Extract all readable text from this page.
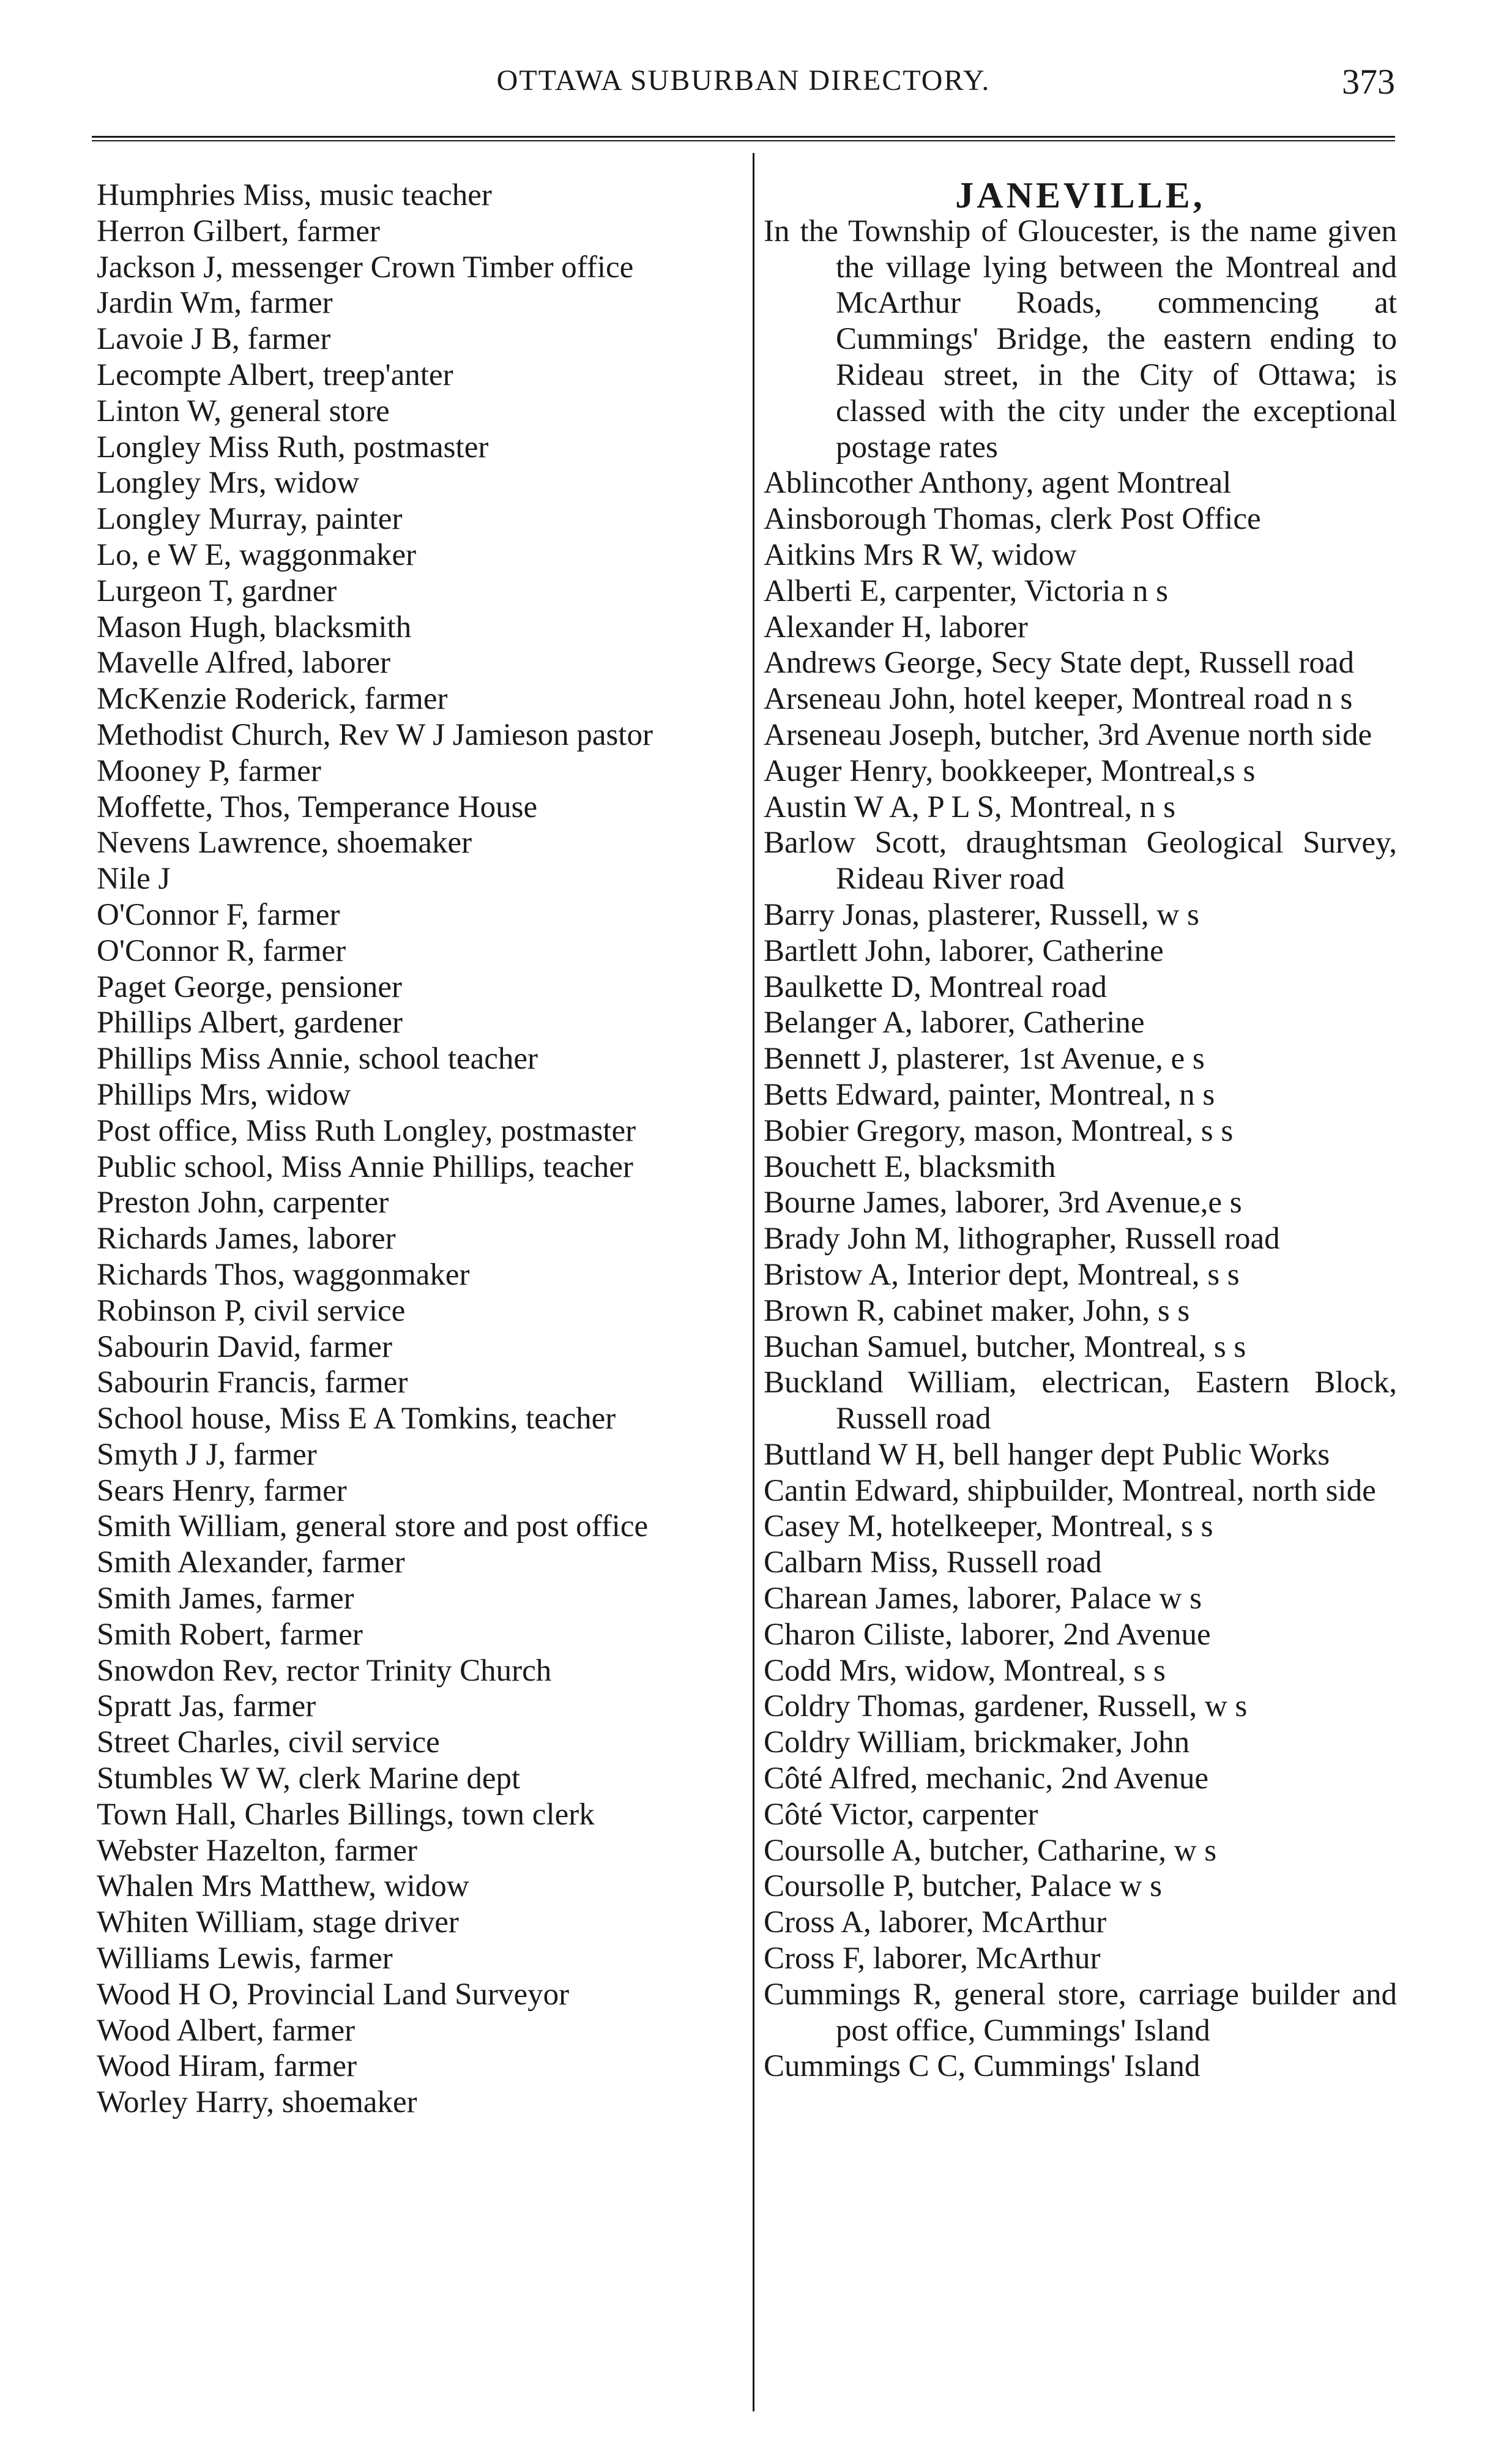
OTTAWA SUBURBAN DIRECTORY.	373
Humphries Miss, music teacher
Herron Gilbert, farmer
Jackson J, messenger Crown Timber office
Jardin Wm, farmer
Lavoie J B, farmer
Lecompte Albert, treep'anter
Linton W, general store
Longley Miss Ruth, postmaster
Longley Mrs, widow
Longley Murray, painter
Lo, e W E, waggonmaker
Lurgeon T, gardner
Mason Hugh, blacksmith
Mavelle Alfred, laborer
McKenzie Roderick, farmer
Methodist Church, Rev W J Jamieson pastor
Mooney P, farmer
Moffette, Thos, Temperance House
Nevens Lawrence, shoemaker
Nile J
O'Connor F, farmer
O'Connor R, farmer
Paget George, pensioner
Phillips Albert, gardener
Phillips Miss Annie, school teacher
Phillips Mrs, widow
Post office, Miss Ruth Longley, postmaster
Public school, Miss Annie Phillips, teacher
Preston John, carpenter
Richards James, laborer
Richards Thos, waggonmaker
Robinson P, civil service
Sabourin David, farmer
Sabourin Francis, farmer
School house, Miss E A Tomkins, teacher
Smyth J J, farmer
Sears Henry, farmer
Smith William, general store and post office
Smith Alexander, farmer
Smith James, farmer
Smith Robert, farmer
Snowdon Rev, rector Trinity Church
Spratt Jas, farmer
Street Charles, civil service
Stumbles W W, clerk Marine dept
Town Hall, Charles Billings, town clerk
Webster Hazelton, farmer
Whalen Mrs Matthew, widow
Whiten William, stage driver
Williams Lewis, farmer
Wood H O, Provincial Land Surveyor
Wood Albert, farmer
Wood Hiram, farmer
Worley Harry, shoemaker
JANEVILLE,
In the Township of Gloucester, is the name given the village lying between the Montreal and McArthur Roads, commencing at Cummings' Bridge, the eastern ending to Rideau street, in the City of Ottawa; is classed with the city under the exceptional postage rates
Ablincother Anthony, agent Montreal
Ainsborough Thomas, clerk Post Office
Aitkins Mrs R W, widow
Alberti E, carpenter, Victoria n s
Alexander H, laborer
Andrews George, Secy State dept, Russell road
Arseneau John, hotel keeper, Montreal road n s
Arseneau Joseph, butcher, 3rd Avenue north side
Auger Henry, bookkeeper, Montreal,s s
Austin W A, P L S, Montreal, n s
Barlow Scott, draughtsman Geological Survey, Rideau River road
Barry Jonas, plasterer, Russell, w s
Bartlett John, laborer, Catherine
Baulkette D, Montreal road
Belanger A, laborer, Catherine
Bennett J, plasterer, 1st Avenue, e s
Betts Edward, painter, Montreal, n s
Bobier Gregory, mason, Montreal, s s
Bouchett E, blacksmith
Bourne James, laborer, 3rd Avenue,e s
Brady John M, lithographer, Russell road
Bristow A, Interior dept, Montreal, s s
Brown R, cabinet maker, John, s s
Buchan Samuel, butcher, Montreal, s s
Buckland William, electrican, Eastern Block, Russell road
Buttland W H, bell hanger dept Public Works
Cantin Edward, shipbuilder, Montreal, north side
Casey M, hotelkeeper, Montreal, s s
Calbarn Miss, Russell road
Charean James, laborer, Palace w s
Charon Ciliste, laborer, 2nd Avenue
Codd Mrs, widow, Montreal, s s
Coldry Thomas, gardener, Russell, w s
Coldry William, brickmaker, John
Côté Alfred, mechanic, 2nd Avenue
Côté Victor, carpenter
Coursolle A, butcher, Catharine, w s
Coursolle P, butcher, Palace w s
Cross A, laborer, McArthur
Cross F, laborer, McArthur
Cummings R, general store, carriage builder and post office, Cummings' Island
Cummings C C, Cummings' Island
